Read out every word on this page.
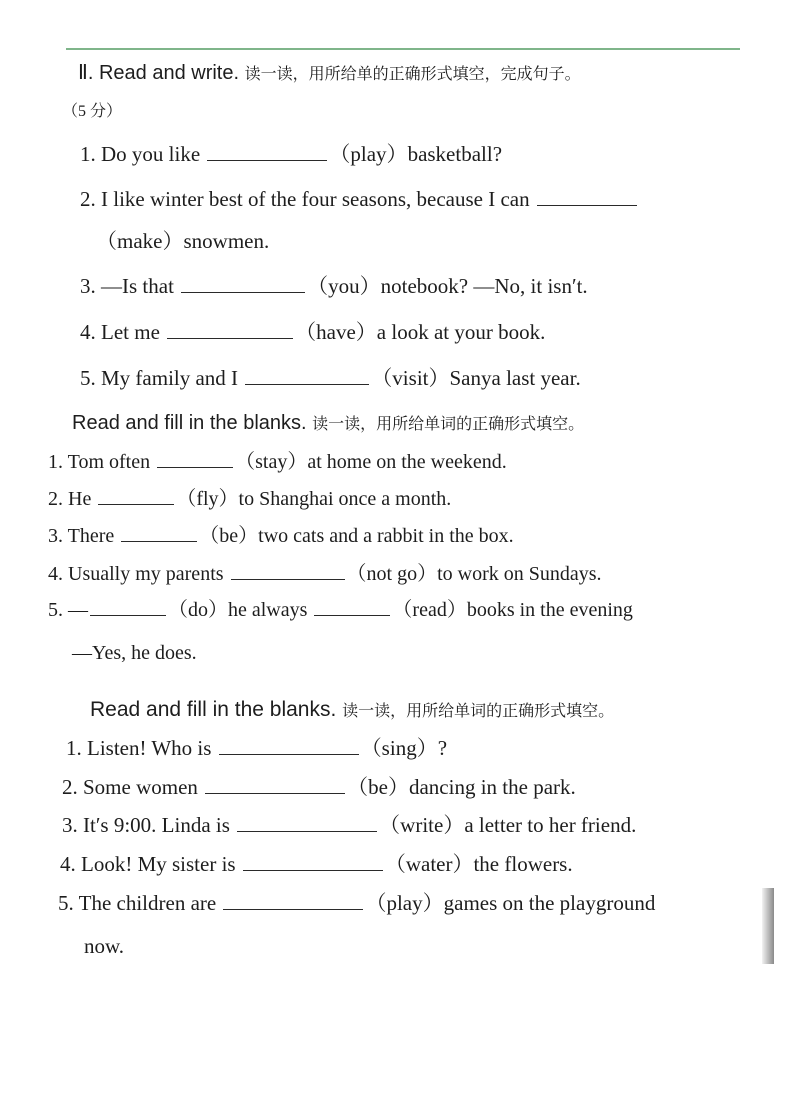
Ⅱ. Read and write. 读一读，用所给单的正确形式填空，完成句子。
（5 分）
1. Do you like	（play）basketball?
2. I like winter best of the four seasons, because I can
（make）snowmen.
3. —Is that	（you）notebook? —No, it isn′t.
4. Let me	（have）a look at your book.
5. My family and I	（visit）Sanya last year.
Read and fill in the blanks. 读一读，用所给单词的正确形式填空。
1. Tom often	（stay）at home on the weekend.
2. He	（fly）to Shanghai once a month.
3. There	（be）two cats and a rabbit in the box.
4. Usually my parents	（not go）to work on Sundays.
5. —	（do）he always	（read）books in the evening
—Yes, he does.
Read and fill in the blanks. 读一读，用所给单词的正确形式填空。
1. Listen! Who is	（sing）?
2. Some women	（be）dancing in the park.
3. It′s 9:00. Linda is	（write）a letter to her friend.
4. Look! My sister is	（water）the flowers.
5. The children are	（play）games on the playground
now.
